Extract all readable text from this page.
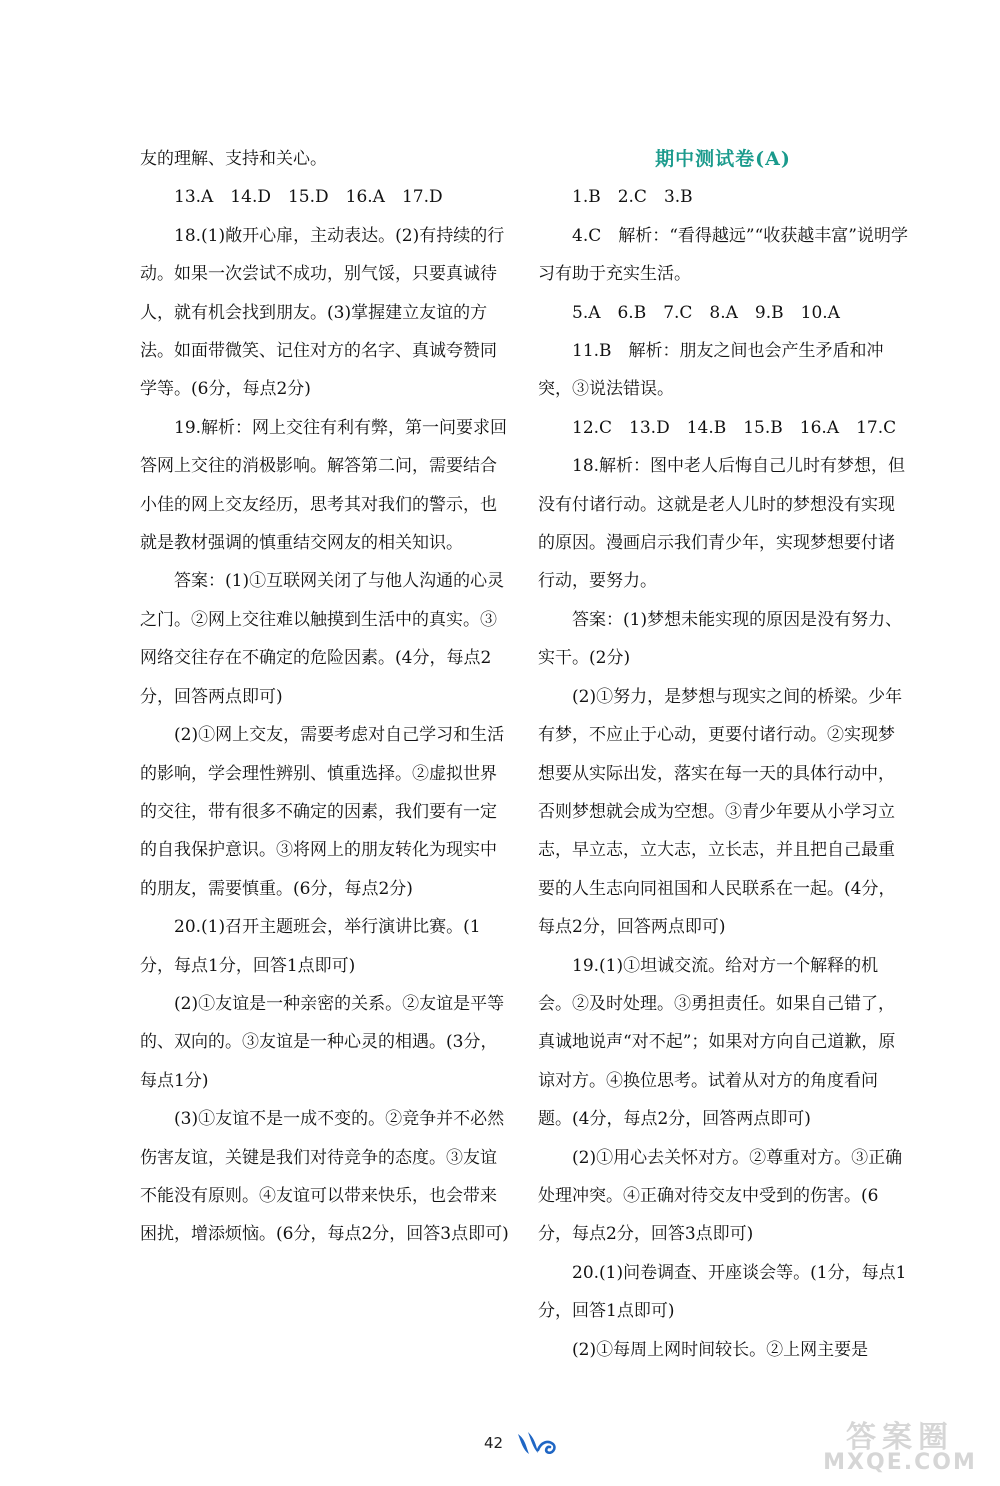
友的理解、支持和关心。

13.A　14.D　15.D　16.A　17.D

18.(1)敞开心扉，主动表达。(2)有持续的行动。如果一次尝试不成功，别气馁，只要真诚待人，就有机会找到朋友。(3)掌握建立友谊的方法。如面带微笑、记住对方的名字、真诚夸赞同学等。(6分，每点2分)

19.解析：网上交往有利有弊，第一问要求回答网上交往的消极影响。解答第二问，需要结合小佳的网上交友经历，思考其对我们的警示，也就是教材强调的慎重结交网友的相关知识。

答案：(1)①互联网关闭了与他人沟通的心灵之门。②网上交往难以触摸到生活中的真实。③网络交往存在不确定的危险因素。(4分，每点2分，回答两点即可)

(2)①网上交友，需要考虑对自己学习和生活的影响，学会理性辨别、慎重选择。②虚拟世界的交往，带有很多不确定的因素，我们要有一定的自我保护意识。③将网上的朋友转化为现实中的朋友，需要慎重。(6分，每点2分)

20.(1)召开主题班会，举行演讲比赛。(1分，每点1分，回答1点即可)

(2)①友谊是一种亲密的关系。②友谊是平等的、双向的。③友谊是一种心灵的相遇。(3分，每点1分)

(3)①友谊不是一成不变的。②竞争并不必然伤害友谊，关键是我们对待竞争的态度。③友谊不能没有原则。④友谊可以带来快乐，也会带来困扰，增添烦恼。(6分，每点2分，回答3点即可)

期中测试卷(A)

1.B　2.C　3.B

4.C　解析：“看得越远”“收获越丰富”说明学习有助于充实生活。

5.A　6.B　7.C　8.A　9.B　10.A

11.B　解析：朋友之间也会产生矛盾和冲突，③说法错误。

12.C　13.D　14.B　15.B　16.A　17.C

18.解析：图中老人后悔自己儿时有梦想，但没有付诸行动。这就是老人儿时的梦想没有实现的原因。漫画启示我们青少年，实现梦想要付诸行动，要努力。

答案：(1)梦想未能实现的原因是没有努力、实干。(2分)

(2)①努力，是梦想与现实之间的桥梁。少年有梦，不应止于心动，更要付诸行动。②实现梦想要从实际出发，落实在每一天的具体行动中，否则梦想就会成为空想。③青少年要从小学习立志，早立志，立大志，立长志，并且把自己最重要的人生志向同祖国和人民联系在一起。(4分，每点2分，回答两点即可)

19.(1)①坦诚交流。给对方一个解释的机会。②及时处理。③勇担责任。如果自己错了，真诚地说声“对不起”；如果对方向自己道歉，原谅对方。④换位思考。试着从对方的角度看问题。(4分，每点2分，回答两点即可)

(2)①用心去关怀对方。②尊重对方。③正确处理冲突。④正确对待交友中受到的伤害。(6分，每点2分，回答3点即可)

20.(1)问卷调查、开座谈会等。(1分，每点1分，回答1点即可)

(2)①每周上网时间较长。②上网主要是

42	答案圈
MXQE.COM
